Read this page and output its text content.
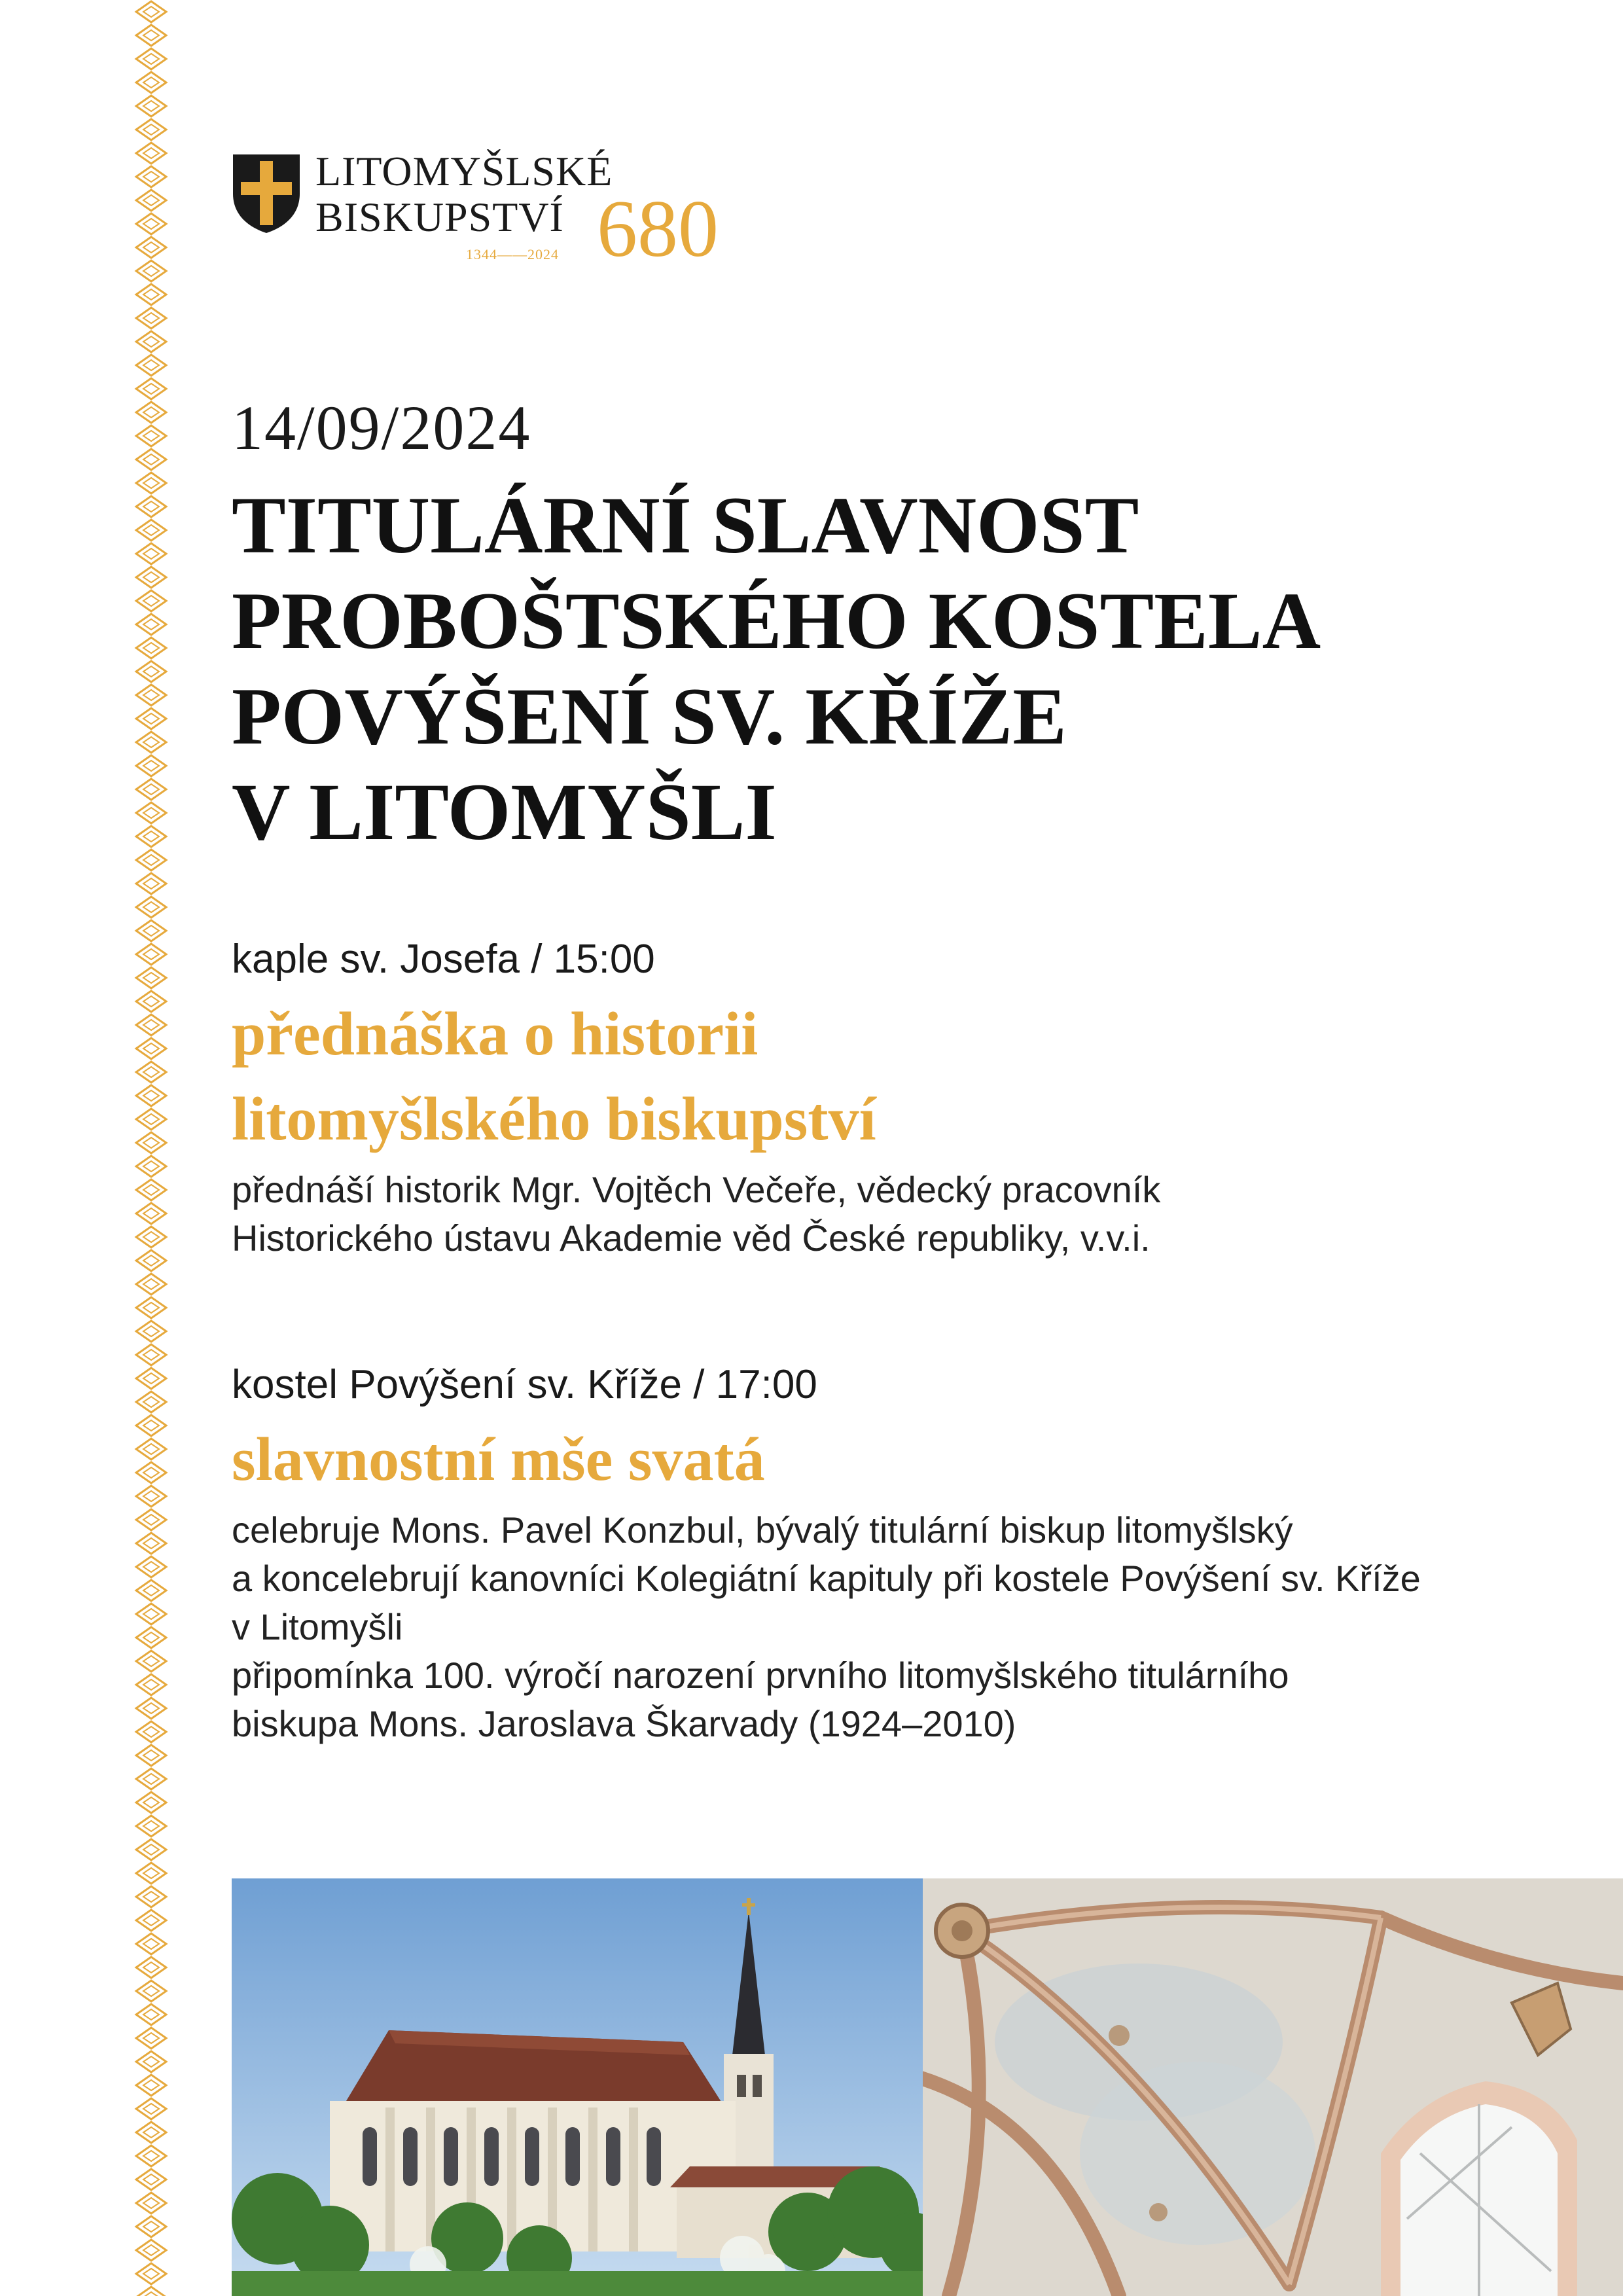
LITOMYŠLSKÉ
BISKUPSTVÍ
1344——2024 680
14/09/2024
TITULÁRNÍ SLAVNOST
PROBOŠTSKÉHO KOSTELA
POVÝŠENÍ SV. KŘÍŽE
V LITOMYŠLI

kaple sv. Josefa / 15:00

přednáška o historii
litomyšlského biskupství

přednáší historik Mgr. Vojtěch Večeře, vědecký pracovník
Historického ústavu Akademie věd České republiky, v.v.i.

kostel Povýšení sv. Kříže / 17:00

slavnostní mše svatá

celebruje Mons. Pavel Konzbul, bývalý titulární biskup litomyšlský
a koncelebrují kanovníci Kolegiátní kapituly při kostele Povýšení sv. Kříže
v Litomyšli
připomínka 100. výročí narození prvního litomyšlského titulárního
biskupa Mons. Jaroslava Škarvady (1924–2010)
